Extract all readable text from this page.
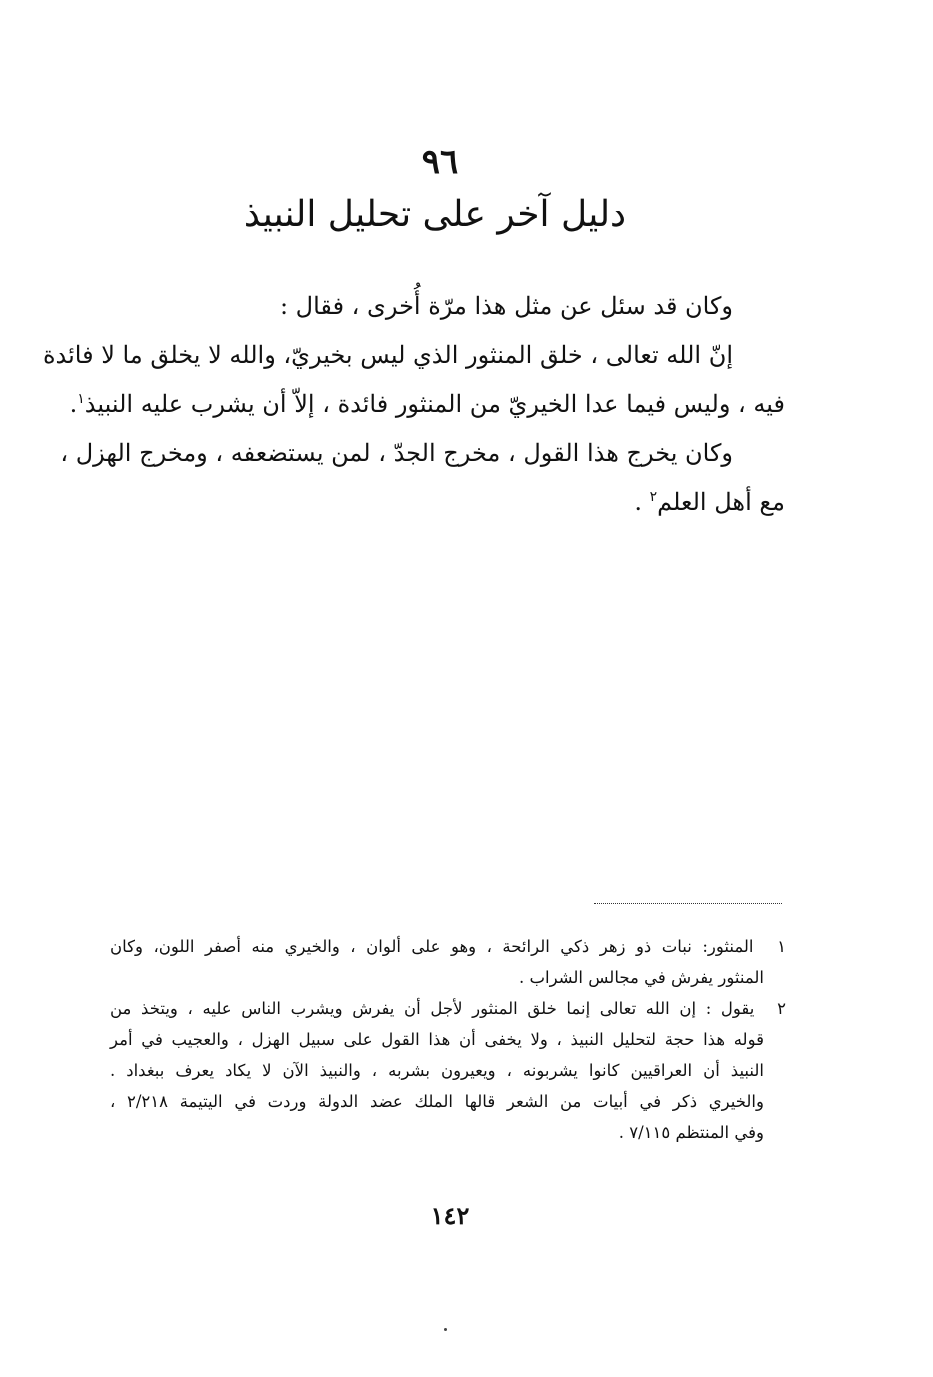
٩٦
دليل آخر على تحليل النبيذ
وكان قد سئل عن مثل هذا مرّة أُخرى ، فقال :
إنّ الله تعالى ، خلق المنثور الذي ليس بخيريّ، والله لا يخلق ما لا فائدة
فيه ، وليس فيما عدا الخيريّ من المنثور فائدة ، إلاّ أن يشرب عليه النبيذ$^١$.
وكان يخرج هذا القول ، مخرج الجدّ ، لمن يستضعفه ، ومخرج الهزل ،
مع أهل العلم$^٢$ .
١ المنثور: نبات ذو زهر ذكي الرائحة ، وهو على ألوان ، والخيري منه أصفر اللون، وكان
المنثور يفرش في مجالس الشراب .
٢ يقول : إن الله تعالى إنما خلق المنثور لأجل أن يفرش ويشرب الناس عليه ، ويتخذ من
قوله هذا حجة لتحليل النبيذ ، ولا يخفى أن هذا القول على سبيل الهزل ، والعجيب في أمر
النبيذ أن العراقيين كانوا يشربونه ، ويعيرون بشربه ، والنبيذ الآن لا يكاد يعرف ببغداد .
والخيري ذكر في أبيات من الشعر قالها الملك عضد الدولة وردت في اليتيمة ٢/٢١٨ ،
وفي المنتظم ٧/١١٥ .
١٤٢
